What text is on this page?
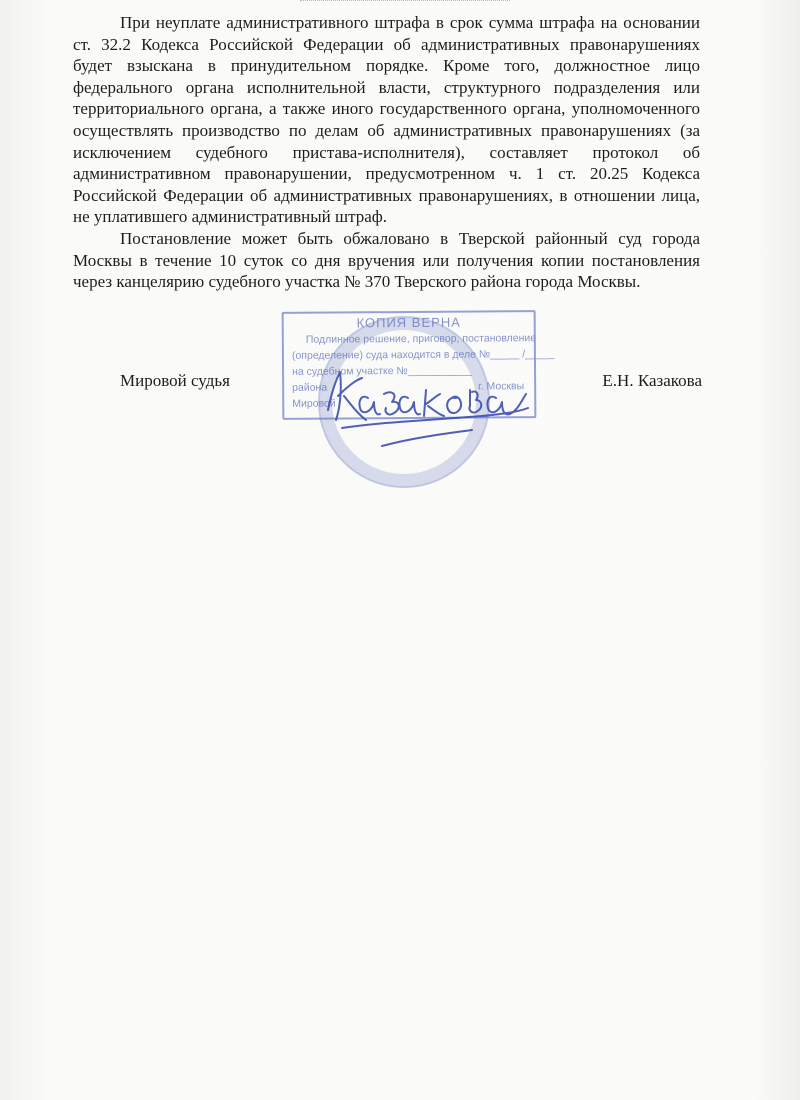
При неуплате административного штрафа в срок сумма штрафа на основании ст. 32.2 Кодекса Российской Федерации об административных правонарушениях будет взыскана в принудительном порядке. Кроме того, должностное лицо федерального органа исполнительной власти, структурного подразделения или территориального органа, а также иного государственного органа, уполномоченного осуществлять производство по делам об административных правонарушениях (за исключением судебного пристава-исполнителя), составляет протокол об административном правонарушении, предусмотренном ч. 1 ст. 20.25 Кодекса Российской Федерации об административных правонарушениях, в отношении лица, не уплатившего административный штраф.

Постановление может быть обжаловано в Тверской районный суд города Москвы в течение 10 суток со дня вручения или получения копии постановления через канцелярию судебного участка № 370 Тверского района города Москвы.

КОПИЯ ВЕРНА
Подлинное решение, приговор, постановление
(определение) суда находится в деле №_____ /_____
на судебном участке №___________
района	г. Москвы
Мировой
Мировой судья	Е.Н. Казакова
